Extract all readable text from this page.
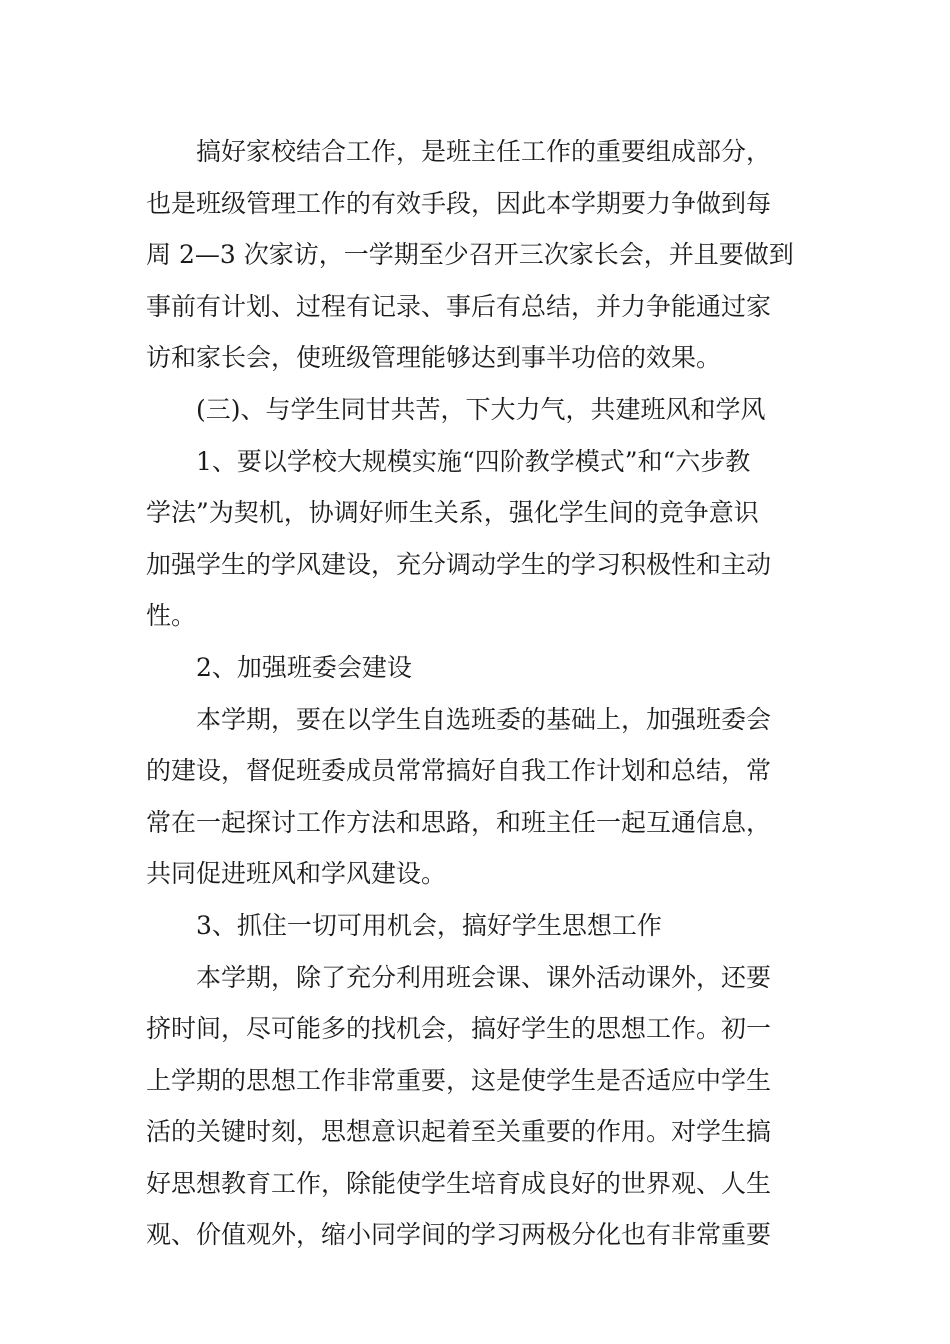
搞好家校结合工作，是班主任工作的重要组成部分，
也是班级管理工作的有效手段，因此本学期要力争做到每
周 2—3 次家访，一学期至少召开三次家长会，并且要做到
事前有计划、过程有记录、事后有总结，并力争能通过家
访和家长会，使班级管理能够达到事半功倍的效果。
(三)、与学生同甘共苦，下大力气，共建班风和学风
1、要以学校大规模实施“四阶教学模式”和“六步教
学法”为契机，协调好师生关系，强化学生间的竞争意识
加强学生的学风建设，充分调动学生的学习积极性和主动
性。
2、加强班委会建设
本学期，要在以学生自选班委的基础上，加强班委会
的建设，督促班委成员常常搞好自我工作计划和总结，常
常在一起探讨工作方法和思路，和班主任一起互通信息，
共同促进班风和学风建设。
3、抓住一切可用机会，搞好学生思想工作
本学期，除了充分利用班会课、课外活动课外，还要
挤时间，尽可能多的找机会，搞好学生的思想工作。初一
上学期的思想工作非常重要，这是使学生是否适应中学生
活的关键时刻，思想意识起着至关重要的作用。对学生搞
好思想教育工作，除能使学生培育成良好的世界观、人生
观、价值观外，缩小同学间的学习两极分化也有非常重要
